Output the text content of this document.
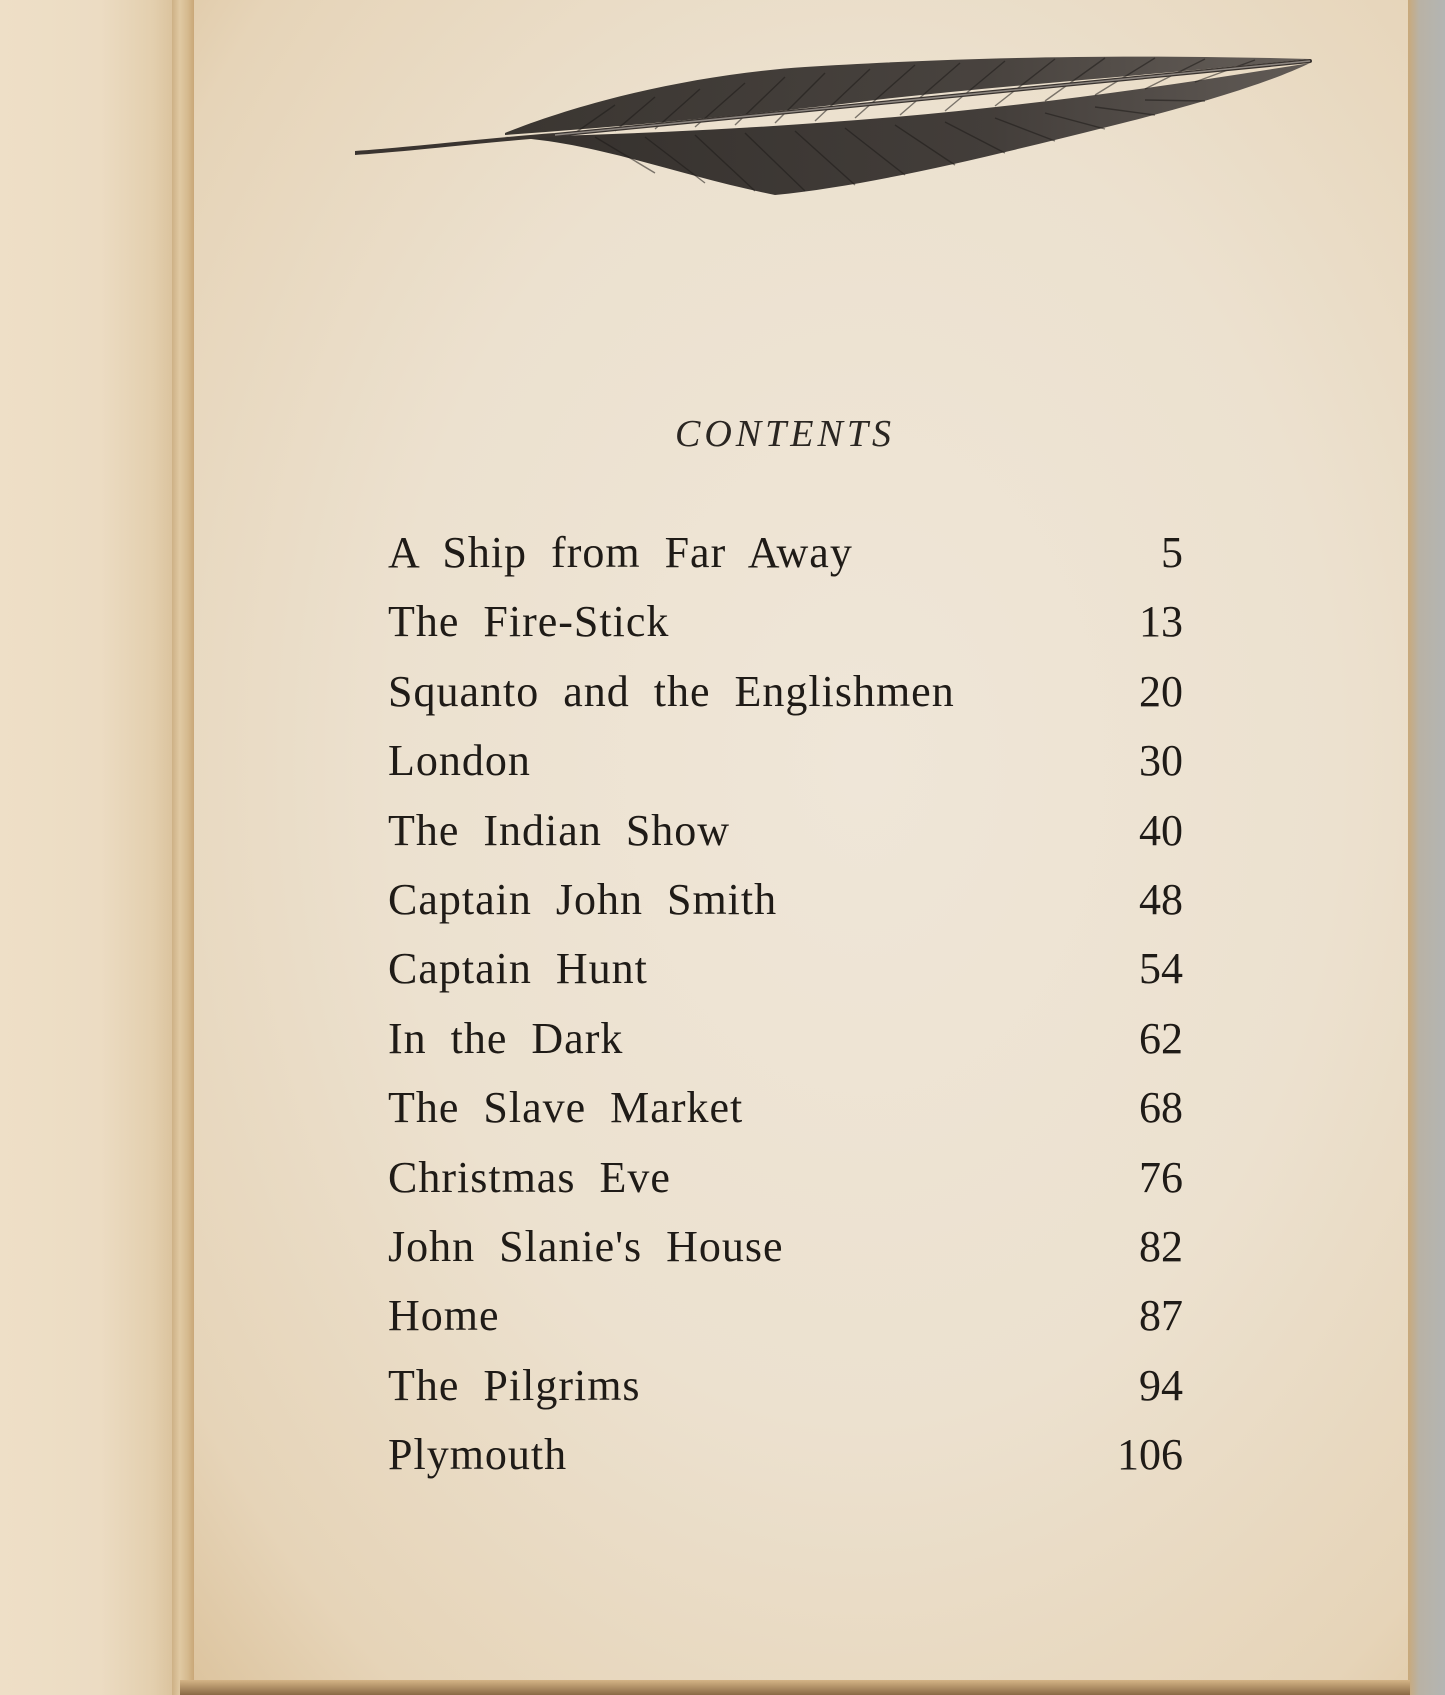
CONTENTS
A Ship from Far Away	5
The Fire-Stick	13
Squanto and the Englishmen	20
London	30
The Indian Show	40
Captain John Smith	48
Captain Hunt	54
In the Dark	62
The Slave Market	68
Christmas Eve	76
John Slanie's House	82
Home	87
The Pilgrims	94
Plymouth	106
